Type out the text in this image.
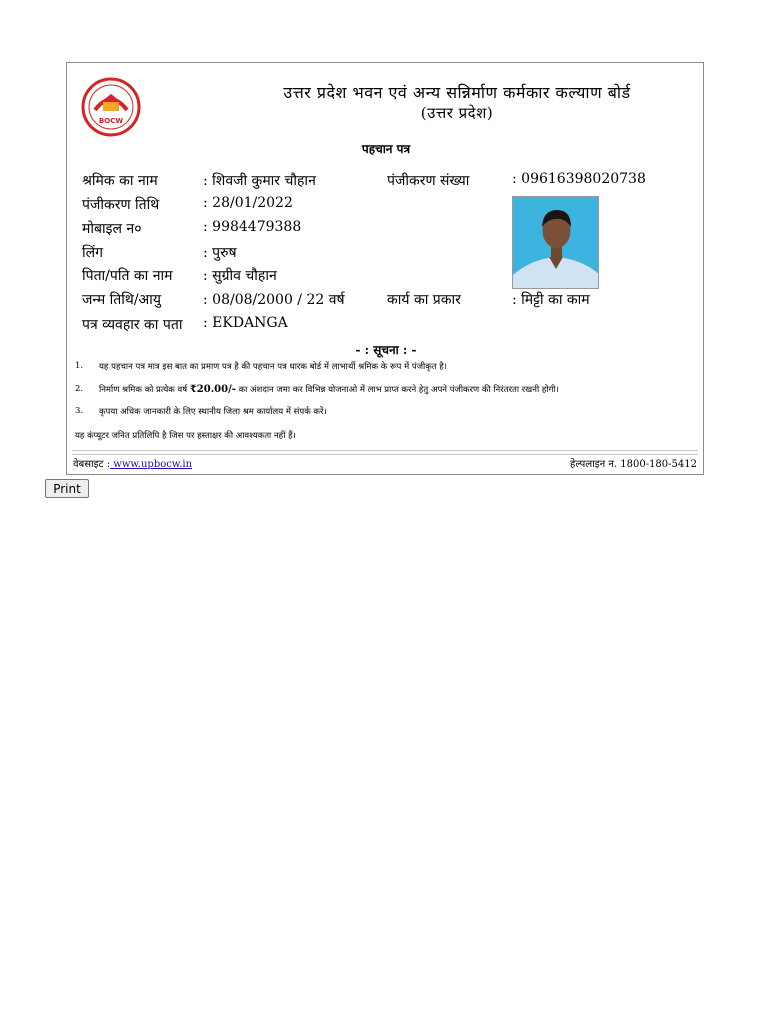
BOCW
उत्तर प्रदेश भवन एवं अन्य सन्निर्माण कर्मकार कल्याण बोर्ड
(उत्तर प्रदेश)
पहचान पत्र
श्रमिक का नाम	: शिवजी कुमार चौहान
पंजीकरण तिथि	: 28/01/2022
मोबाइल न०	: 9984479388
लिंग	: पुरुष
पिता/पति का नाम : सुग्रीव चौहान
जन्म तिथि/आयु	: 08/08/2000 / 22 वर्ष
पत्र व्यवहार का पता : EKDANGA
पंजीकरण संख्या	: 09616398020738
कार्य का प्रकार	: मिट्टी का काम
- : सूचना : -
1. यह पहचान पत्र मात्र इस बात का प्रमाण पत्र है की पहचान पत्र धारक बोर्ड में लाभार्थी श्रमिक के रूप में पंजीकृत है।
2. निर्माण श्रमिक को प्रत्येक वर्ष ₹20.00/- का अंशदान जमा कर विभिन्न योजनाओ में लाभ प्राप्त करने हेतु अपने पंजीकरण की निरंतरता रखनी होगी।
3. कृपया अधिक जानकारी के लिए स्थानीय जिला श्रम कार्यालय में संपर्क करें।
यह कंप्यूटर जनित प्रतिलिपि है जिस पर हस्ताक्षर की आवश्यकता नहीं हैं।
वेबसाइट : www.upbocw.in	हेल्पलाइन न. 1800-180-5412
Print
